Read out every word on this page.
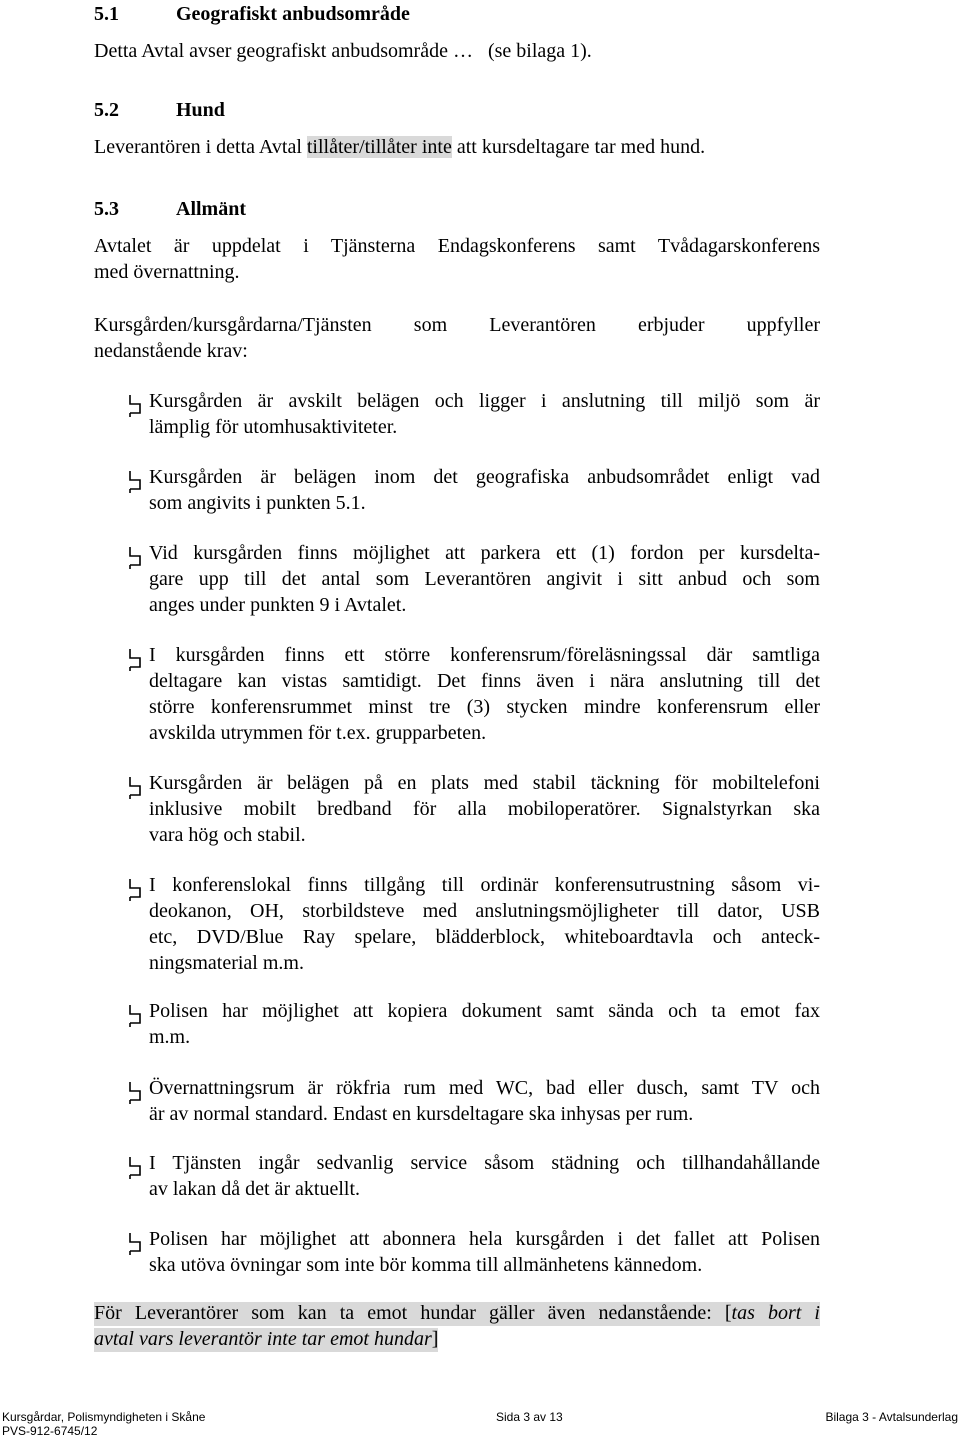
5.1	Geografiskt anbudsområde
Detta Avtal avser geografiskt anbudsområde …   (se bilaga 1).
5.2	Hund
Leverantören i detta Avtal tillåter/tillåter inte att kursdeltagare tar med hund.
5.3	Allmänt
Avtalet är uppdelat i Tjänsterna Endagskonferens samt Tvådagarskonferens
med övernattning.
Kursgården/kursgårdarna/Tjänsten som Leverantören erbjuder uppfyller
nedanstående krav:
Kursgården är avskilt belägen och ligger i anslutning till miljö som är
lämplig för utomhusaktiviteter.
Kursgården är belägen inom det geografiska anbudsområdet enligt vad
som angivits i punkten 5.1.
Vid kursgården finns möjlighet att parkera ett (1) fordon per kursdelta-
gare upp till det antal som Leverantören angivit i sitt anbud och som
anges under punkten 9 i Avtalet.
I kursgården finns ett större konferensrum/föreläsningssal där samtliga
deltagare kan vistas samtidigt. Det finns även i nära anslutning till det
större konferensrummet minst tre (3) stycken mindre konferensrum eller
avskilda utrymmen för t.ex. grupparbeten.
Kursgården är belägen på en plats med stabil täckning för mobiltelefoni
inklusive mobilt bredband för alla mobiloperatörer. Signalstyrkan ska
vara hög och stabil.
I konferenslokal finns tillgång till ordinär konferensutrustning såsom vi-
deokanon, OH, storbildsteve med anslutningsmöjligheter till dator, USB
etc, DVD/Blue Ray spelare, blädderblock, whiteboardtavla och anteck-
ningsmaterial m.m.
Polisen har möjlighet att kopiera dokument samt sända och ta emot fax
m.m.
Övernattningsrum är rökfria rum med WC, bad eller dusch, samt TV och
är av normal standard. Endast en kursdeltagare ska inhysas per rum.
I Tjänsten ingår sedvanlig service såsom städning och tillhandahållande
av lakan då det är aktuellt.
Polisen har möjlighet att abonnera hela kursgården i det fallet att Polisen
ska utöva övningar som inte bör komma till allmänhetens kännedom.
För Leverantörer som kan ta emot hundar gäller även nedanstående: [tas bort i
avtal vars leverantör inte tar emot hundar]
Kursgårdar, Polismyndigheten i Skåne	Sida 3 av 13	Bilaga 3 - Avtalsunderlag
PVS-912-6745/12
